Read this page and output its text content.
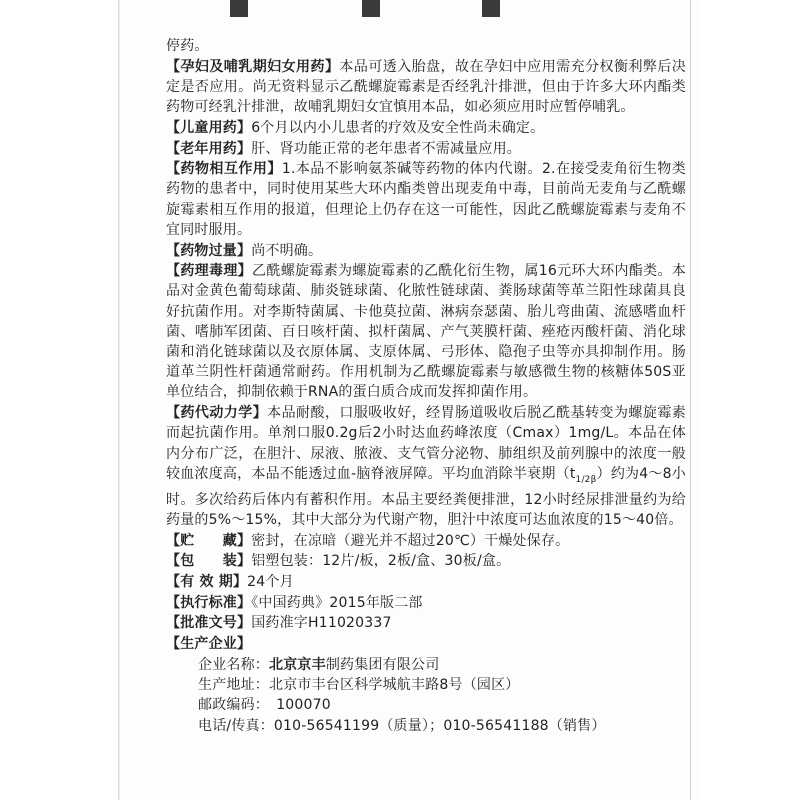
停药。

【孕妇及哺乳期妇女用药】本品可透入胎盘，故在孕妇中应用需充分权衡利弊后决定是否应用。尚无资料显示乙酰螺旋霉素是否经乳汁排泄，但由于许多大环内酯类药物可经乳汁排泄，故哺乳期妇女宜慎用本品，如必须应用时应暂停哺乳。

【儿童用药】6个月以内小儿患者的疗效及安全性尚未确定。

【老年用药】肝、肾功能正常的老年患者不需减量应用。

【药物相互作用】1.本品不影响氨茶碱等药物的体内代谢。2.在接受麦角衍生物类药物的患者中，同时使用某些大环内酯类曾出现麦角中毒，目前尚无麦角与乙酰螺旋霉素相互作用的报道，但理论上仍存在这一可能性，因此乙酰螺旋霉素与麦角不宜同时服用。

【药物过量】尚不明确。

【药理毒理】乙酰螺旋霉素为螺旋霉素的乙酰化衍生物，属16元环大环内酯类。本品对金黄色葡萄球菌、肺炎链球菌、化脓性链球菌、粪肠球菌等革兰阳性球菌具良好抗菌作用。对李斯特菌属、卡他莫拉菌、淋病奈瑟菌、胎儿弯曲菌、流感嗜血杆菌、嗜肺军团菌、百日咳杆菌、拟杆菌属、产气荚膜杆菌、痤疮丙酸杆菌、消化球菌和消化链球菌以及衣原体属、支原体属、弓形体、隐孢子虫等亦具抑制作用。肠道革兰阴性杆菌通常耐药。作用机制为乙酰螺旋霉素与敏感微生物的核糖体50S亚单位结合，抑制依赖于RNA的蛋白质合成而发挥抑菌作用。

【药代动力学】本品耐酸，口服吸收好，经胃肠道吸收后脱乙酰基转变为螺旋霉素而起抗菌作用。单剂口服0.2g后2小时达血药峰浓度（Cmax）1mg/L。本品在体内分布广泛，在胆汁、尿液、脓液、支气管分泌物、肺组织及前列腺中的浓度一般较血浓度高，本品不能透过血-脑脊液屏障。平均血消除半衰期$(t_{1/2\beta})$约为4～8小时。多次给药后体内有蓄积作用。本品主要经粪便排泄，12小时经尿排泄量约为给药量的5%～15%，其中大部分为代谢产物，胆汁中浓度可达血浓度的15～40倍。

【贮　　藏】密封，在凉暗（避光并不超过20℃）干燥处保存。

【包　　装】铝塑包装：12片/板，2板/盒、30板/盒。

【有 效 期】24个月

【执行标准】《中国药典》2015年版二部

【批准文号】国药准字H11020337

【生产企业】

企业名称：北京京丰制药集团有限公司

生产地址：北京市丰台区科学城航丰路8号（园区）

邮政编码：　100070

电话/传真：010-56541199（质量）；010-56541188（销售）
